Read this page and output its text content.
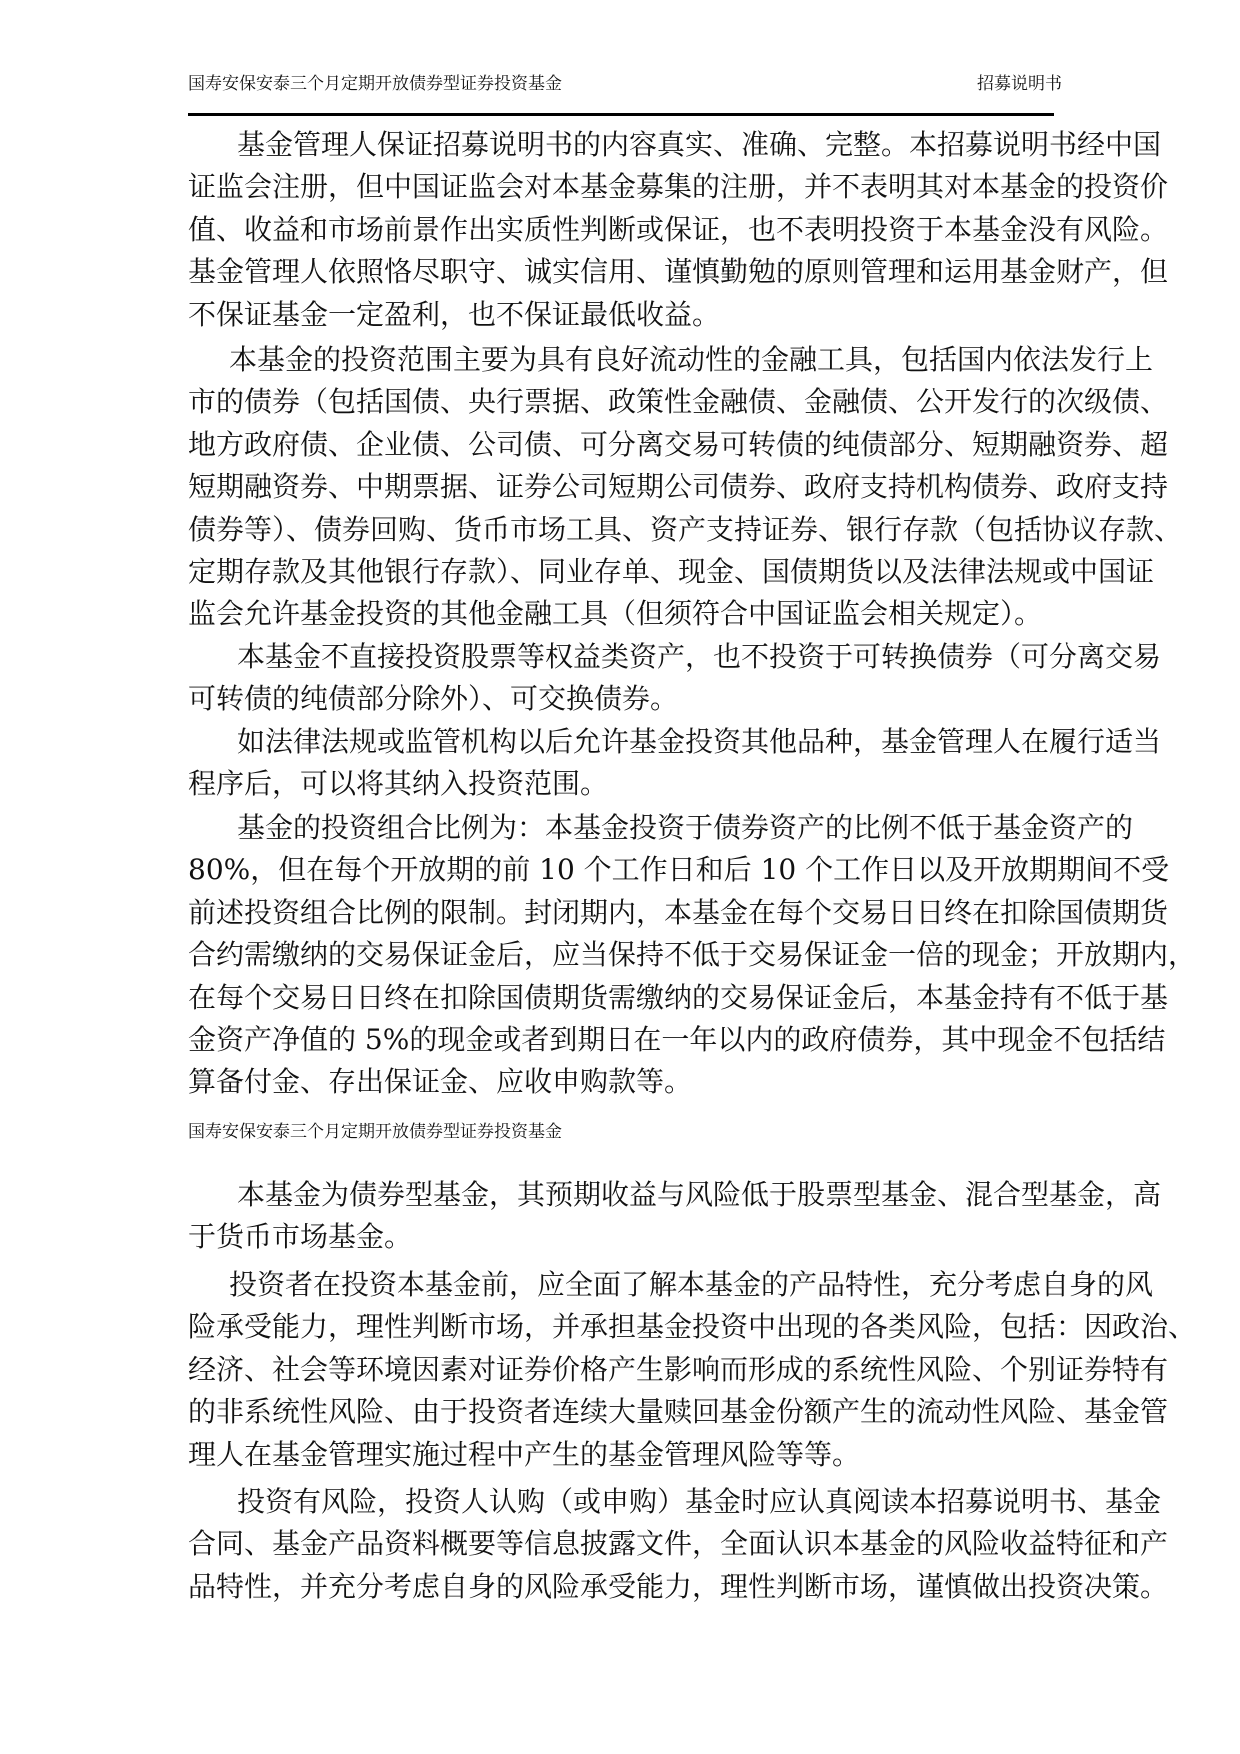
国寿安保安泰三个月定期开放债券型证券投资基金	招募说明书
基金管理人保证招募说明书的内容真实、准确、完整。本招募说明书经中国
证监会注册，但中国证监会对本基金募集的注册，并不表明其对本基金的投资价
值、收益和市场前景作出实质性判断或保证，也不表明投资于本基金没有风险。
基金管理人依照恪尽职守、诚实信用、谨慎勤勉的原则管理和运用基金财产，但
不保证基金一定盈利，也不保证最低收益。
本基金的投资范围主要为具有良好流动性的金融工具，包括国内依法发行上
市的债券（包括国债、央行票据、政策性金融债、金融债、公开发行的次级债、
地方政府债、企业债、公司债、可分离交易可转债的纯债部分、短期融资券、超
短期融资券、中期票据、证券公司短期公司债券、政府支持机构债券、政府支持
债券等）、债券回购、货币市场工具、资产支持证券、银行存款（包括协议存款、
定期存款及其他银行存款）、同业存单、现金、国债期货以及法律法规或中国证
监会允许基金投资的其他金融工具（但须符合中国证监会相关规定）。
本基金不直接投资股票等权益类资产，也不投资于可转换债券（可分离交易
可转债的纯债部分除外）、可交换债券。
如法律法规或监管机构以后允许基金投资其他品种，基金管理人在履行适当
程序后，可以将其纳入投资范围。
基金的投资组合比例为：本基金投资于债券资产的比例不低于基金资产的
80%，但在每个开放期的前 10 个工作日和后 10 个工作日以及开放期期间不受
前述投资组合比例的限制。封闭期内，本基金在每个交易日日终在扣除国债期货
合约需缴纳的交易保证金后，应当保持不低于交易保证金一倍的现金；开放期内，
在每个交易日日终在扣除国债期货需缴纳的交易保证金后，本基金持有不低于基
金资产净值的 5%的现金或者到期日在一年以内的政府债券，其中现金不包括结
算备付金、存出保证金、应收申购款等。
本基金为债券型基金，其预期收益与风险低于股票型基金、混合型基金，高
于货币市场基金。
投资者在投资本基金前，应全面了解本基金的产品特性，充分考虑自身的风
险承受能力，理性判断市场，并承担基金投资中出现的各类风险，包括：因政治、
经济、社会等环境因素对证券价格产生影响而形成的系统性风险、个别证券特有
的非系统性风险、由于投资者连续大量赎回基金份额产生的流动性风险、基金管
理人在基金管理实施过程中产生的基金管理风险等等。
投资有风险，投资人认购（或申购）基金时应认真阅读本招募说明书、基金
合同、基金产品资料概要等信息披露文件，全面认识本基金的风险收益特征和产
品特性，并充分考虑自身的风险承受能力，理性判断市场，谨慎做出投资决策。
国寿安保安泰三个月定期开放债券型证券投资基金
